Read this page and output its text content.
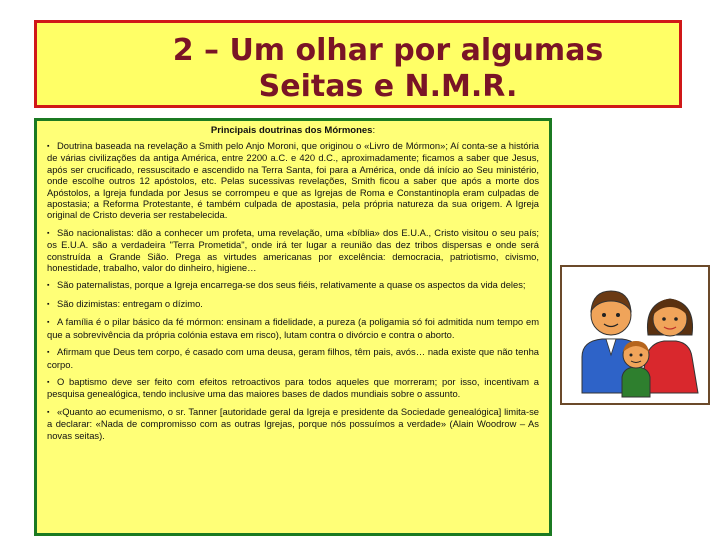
2 – Um olhar por algumas
Seitas e N.M.R.

Principais doutrinas dos Mórmones:

▪ Doutrina baseada na revelação a Smith pelo Anjo Moroni, que originou o «Livro de Mórmon»; Aí conta-se a história de várias civilizações da antiga América, entre 2200 a.C. e 420 d.C., aproximadamente; ficamos a saber que Jesus, após ser crucificado, ressuscitado e ascendido na Terra Santa, foi para a América, onde dá início ao Seu ministério, onde escolhe outros 12 apóstolos, etc. Pelas sucessivas revelações, Smith ficou a saber que após a morte dos Apóstolos, a Igreja fundada por Jesus se corrompeu e que as Igrejas de Roma e Constantinopla eram culpadas de apostasia; a Reforma Protestante, é também culpada de apostasia, pela própria natureza da sua origem. A Igreja original de Cristo deveria ser restabelecida.

▪ São nacionalistas: dão a conhecer um profeta, uma revelação, uma «bíblia» dos E.U.A., Cristo visitou o seu país; os E.U.A. são a verdadeira "Terra Prometida", onde irá ter lugar a reunião das dez tribos dispersas e onde será construída a Grande Sião. Prega as virtudes americanas por excelência: democracia, patriotismo, civismo, honestidade, trabalho, valor do dinheiro, higiene…

▪ São paternalistas, porque a Igreja encarrega-se dos seus fiéis, relativamente a quase os aspectos da vida deles;

▪ São dizimistas: entregam o dízimo.

▪ A família é o pilar básico da fé mórmon: ensinam a fidelidade, a pureza (a poligamia só foi admitida num tempo em que a sobrevivência da própria colónia estava em risco), lutam contra o divórcio e contra o aborto.

▪ Afirmam que Deus tem corpo, é casado com uma deusa, geram filhos, têm pais, avós… nada existe que não tenha corpo.

▪ O baptismo deve ser feito com efeitos retroactivos para todos aqueles que morreram; por isso, incentivam a pesquisa genealógica, tendo inclusive uma das maiores bases de dados mundiais sobre o assunto.

▪ «Quanto ao ecumenismo, o sr. Tanner [autoridade geral da Igreja e presidente da Sociedade genealógica] limita-se a declarar: «Nada de compromisso com as outras Igrejas, porque nós possuímos a verdade» (Alain Woodrow – As novas seitas).
